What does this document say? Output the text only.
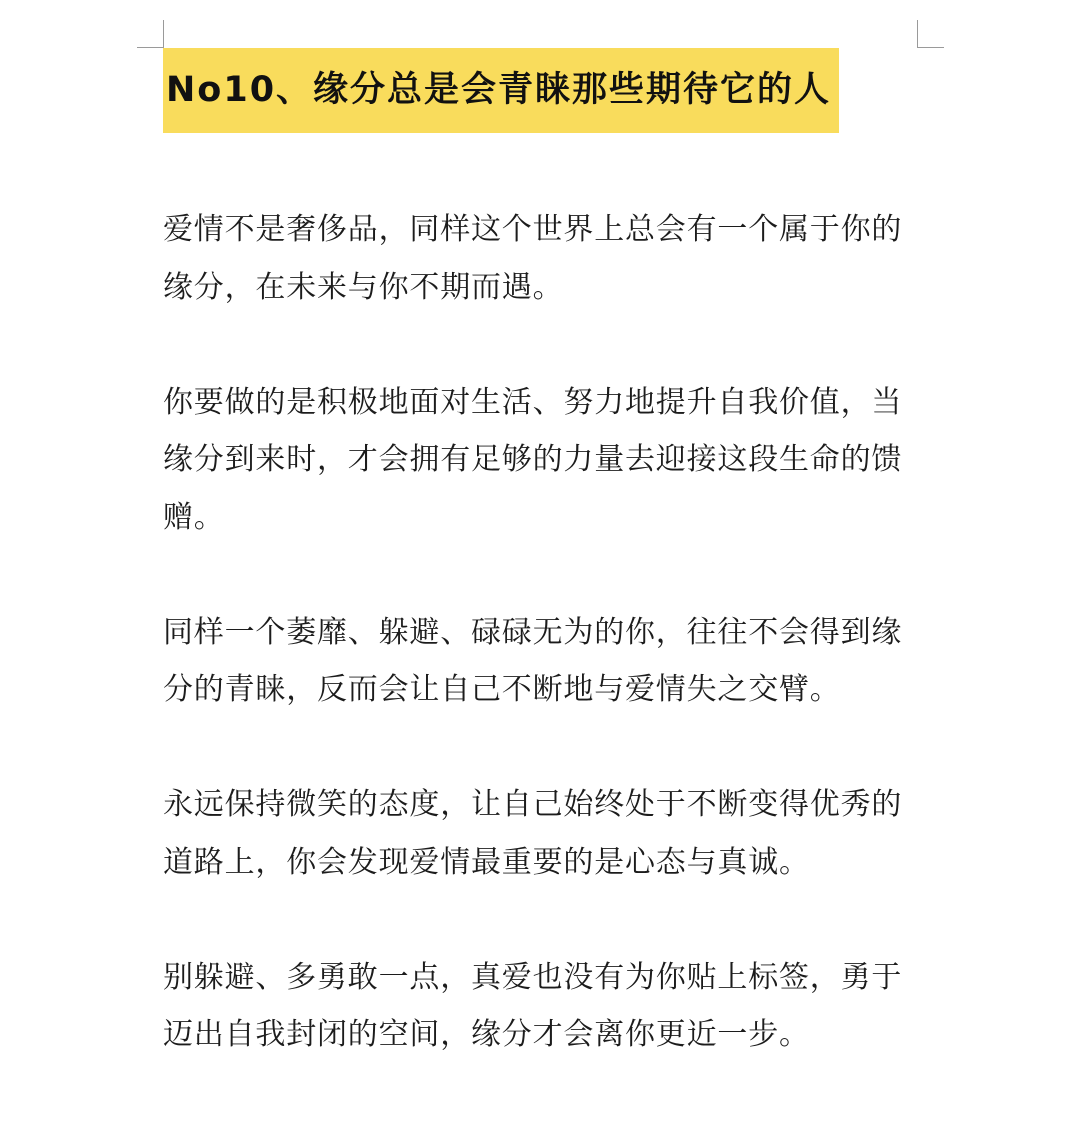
No10、缘分总是会青睐那些期待它的人

爱情不是奢侈品，同样这个世界上总会有一个属于你的缘分，在未来与你不期而遇。

你要做的是积极地面对生活、努力地提升自我价值，当缘分到来时，才会拥有足够的力量去迎接这段生命的馈赠。

同样一个萎靡、躲避、碌碌无为的你，往往不会得到缘分的青睐，反而会让自己不断地与爱情失之交臂。

永远保持微笑的态度，让自己始终处于不断变得优秀的道路上，你会发现爱情最重要的是心态与真诚。

别躲避、多勇敢一点，真爱也没有为你贴上标签，勇于迈出自我封闭的空间，缘分才会离你更近一步。
